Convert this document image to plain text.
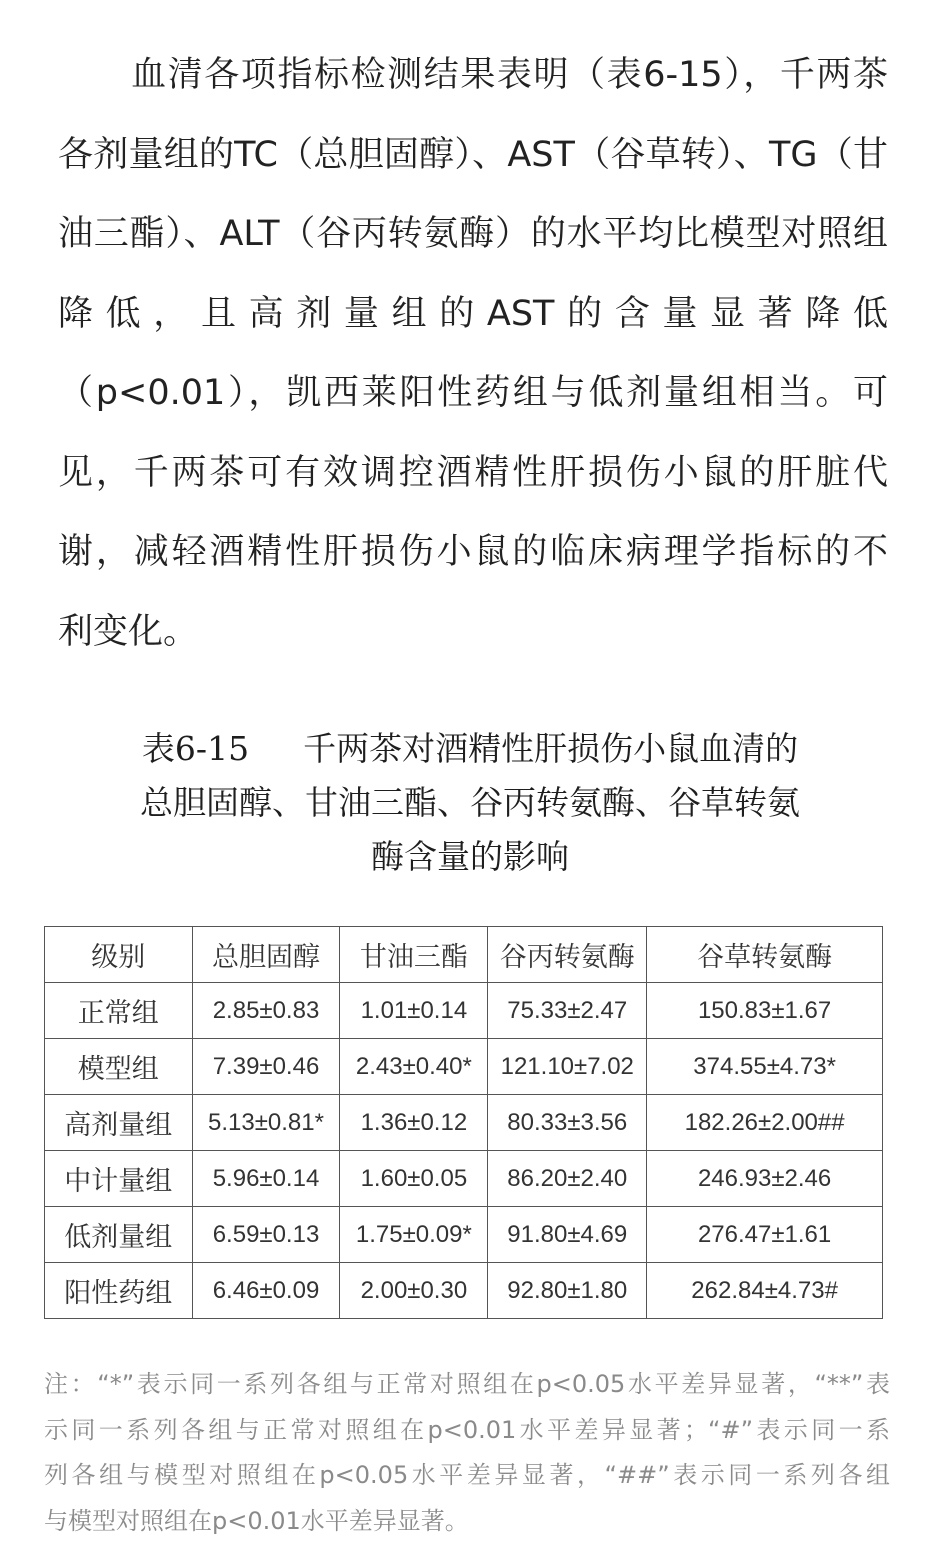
　　血清各项指标检测结果表明（表6-15），千两茶
各剂量组的TC（总胆固醇）、AST（谷草转）、TG（甘
油三酯）、ALT（谷丙转氨酶）的水平均比模型对照组
降低，且高剂量组的AST的含量显著降低
（p<0.01），凯西莱阳性药组与低剂量组相当。可
见，千两茶可有效调控酒精性肝损伤小鼠的肝脏代
谢，减轻酒精性肝损伤小鼠的临床病理学指标的不
利变化。
表6-15 千两茶对酒精性肝损伤小鼠血清的
总胆固醇、甘油三酯、谷丙转氨酶、谷草转氨
酶含量的影响
级别	总胆固醇	甘油三酯	谷丙转氨酶	谷草转氨酶
正常组	2.85±0.83	1.01±0.14	75.33±2.47	150.83±1.67
模型组	7.39±0.46	2.43±0.40*	121.10±7.02	374.55±4.73*
高剂量组	5.13±0.81*	1.36±0.12	80.33±3.56	182.26±2.00##
中计量组	5.96±0.14	1.60±0.05	86.20±2.40	246.93±2.46
低剂量组	6.59±0.13	1.75±0.09*	91.80±4.69	276.47±1.61
阳性药组	6.46±0.09	2.00±0.30	92.80±1.80	262.84±4.73#
注：“*”表示同一系列各组与正常对照组在p<0.05水平差异显著，“**”表
示同一系列各组与正常对照组在p<0.01水平差异显著；“#”表示同一系
列各组与模型对照组在p<0.05水平差异显著，“##”表示同一系列各组
与模型对照组在p<0.01水平差异显著。
